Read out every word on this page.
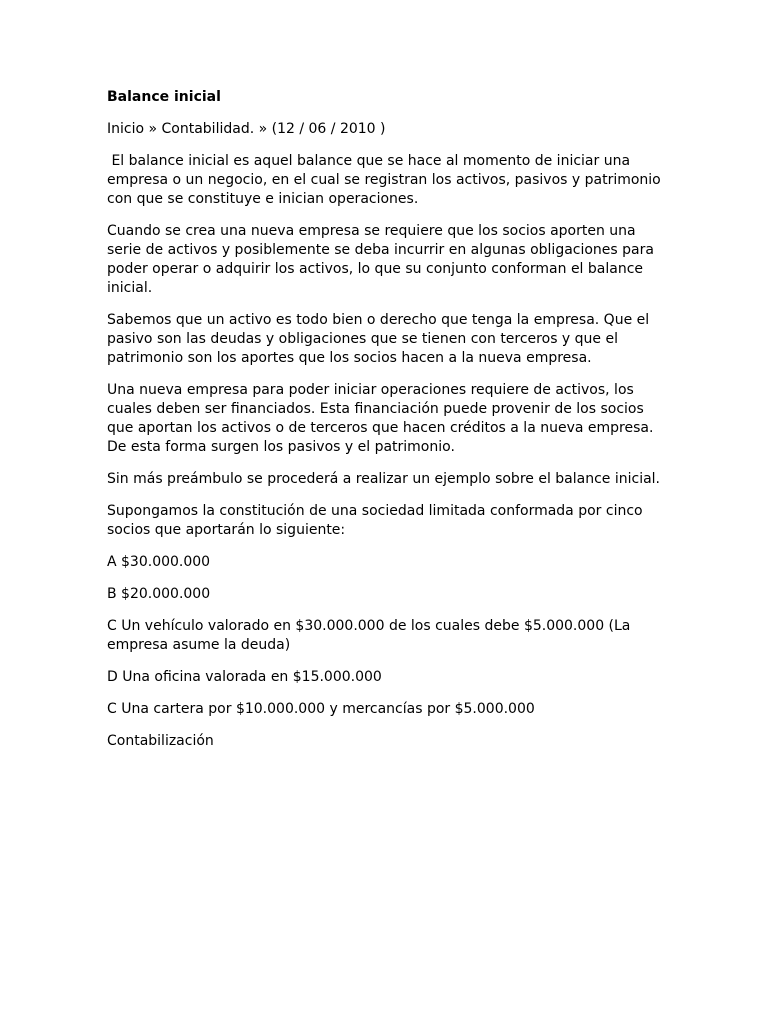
Balance inicial
Inicio » Contabilidad. » (12 / 06 / 2010 )
El balance inicial es aquel balance que se hace al momento de iniciar una
empresa o un negocio, en el cual se registran los activos, pasivos y patrimonio
con que se constituye e inician operaciones.
Cuando se crea una nueva empresa se requiere que los socios aporten una
serie de activos y posiblemente se deba incurrir en algunas obligaciones para
poder operar o adquirir los activos, lo que su conjunto conforman el balance
inicial.
Sabemos que un activo es todo bien o derecho que tenga la empresa. Que el
pasivo son las deudas y obligaciones que se tienen con terceros y que el
patrimonio son los aportes que los socios hacen a la nueva empresa.
Una nueva empresa para poder iniciar operaciones requiere de activos, los
cuales deben ser financiados. Esta financiación puede provenir de los socios
que aportan los activos o de terceros que hacen créditos a la nueva empresa.
De esta forma surgen los pasivos y el patrimonio.
Sin más preámbulo se procederá a realizar un ejemplo sobre el balance inicial.
Supongamos la constitución de una sociedad limitada conformada por cinco
socios que aportarán lo siguiente:
A $30.000.000
B $20.000.000
C Un vehículo valorado en $30.000.000 de los cuales debe $5.000.000 (La
empresa asume la deuda)
D Una oficina valorada en $15.000.000
C Una cartera por $10.000.000 y mercancías por $5.000.000
Contabilización
